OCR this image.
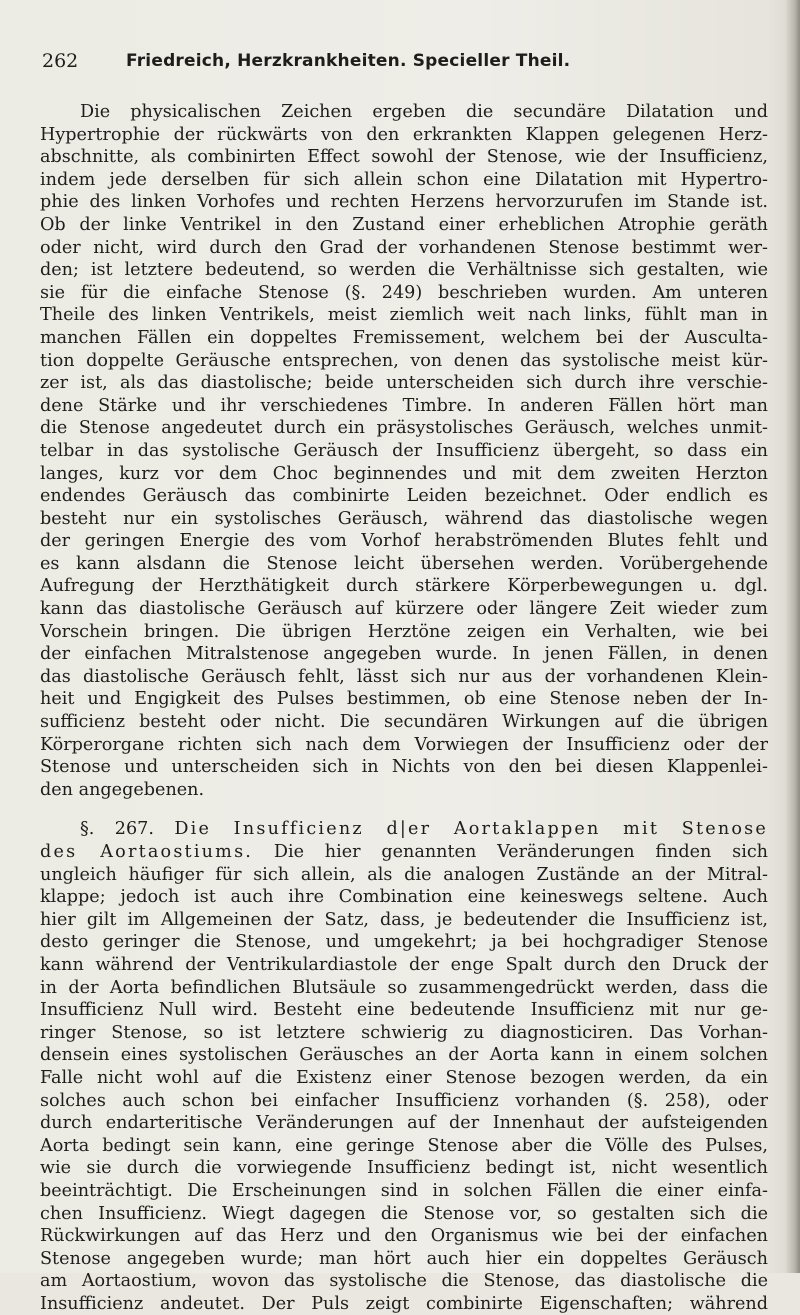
262	Friedreich, Herzkrankheiten. Specieller Theil.
Die physicalischen Zeichen ergeben die secundäre Dilatation und
Hypertrophie der rückwärts von den erkrankten Klappen gelegenen Herz-
abschnitte, als combinirten Effect sowohl der Stenose, wie der Insufficienz,
indem jede derselben für sich allein schon eine Dilatation mit Hypertro-
phie des linken Vorhofes und rechten Herzens hervorzurufen im Stande ist.
Ob der linke Ventrikel in den Zustand einer erheblichen Atrophie geräth
oder nicht, wird durch den Grad der vorhandenen Stenose bestimmt wer-
den; ist letztere bedeutend, so werden die Verhältnisse sich gestalten, wie
sie für die einfache Stenose (§. 249) beschrieben wurden. Am unteren
Theile des linken Ventrikels, meist ziemlich weit nach links, fühlt man in
manchen Fällen ein doppeltes Fremissement, welchem bei der Ausculta-
tion doppelte Geräusche entsprechen, von denen das systolische meist kür-
zer ist, als das diastolische; beide unterscheiden sich durch ihre verschie-
dene Stärke und ihr verschiedenes Timbre. In anderen Fällen hört man
die Stenose angedeutet durch ein präsystolisches Geräusch, welches unmit-
telbar in das systolische Geräusch der Insufficienz übergeht, so dass ein
langes, kurz vor dem Choc beginnendes und mit dem zweiten Herzton
endendes Geräusch das combinirte Leiden bezeichnet. Oder endlich es
besteht nur ein systolisches Geräusch, während das diastolische wegen
der geringen Energie des vom Vorhof herabströmenden Blutes fehlt und
es kann alsdann die Stenose leicht übersehen werden. Vorübergehende
Aufregung der Herzthätigkeit durch stärkere Körperbewegungen u. dgl.
kann das diastolische Geräusch auf kürzere oder längere Zeit wieder zum
Vorschein bringen. Die übrigen Herztöne zeigen ein Verhalten, wie bei
der einfachen Mitralstenose angegeben wurde. In jenen Fällen, in denen
das diastolische Geräusch fehlt, lässt sich nur aus der vorhandenen Klein-
heit und Engigkeit des Pulses bestimmen, ob eine Stenose neben der In-
sufficienz besteht oder nicht. Die secundären Wirkungen auf die übrigen
Körperorgane richten sich nach dem Vorwiegen der Insufficienz oder der
Stenose und unterscheiden sich in Nichts von den bei diesen Klappenlei-
den angegebenen.
§. 267. Die Insufficienz d|er Aortaklappen mit Stenose
des Aortaostiums. Die hier genannten Veränderungen finden sich
ungleich häufiger für sich allein, als die analogen Zustände an der Mitral-
klappe; jedoch ist auch ihre Combination eine keineswegs seltene. Auch
hier gilt im Allgemeinen der Satz, dass, je bedeutender die Insufficienz ist,
desto geringer die Stenose, und umgekehrt; ja bei hochgradiger Stenose
kann während der Ventrikulardiastole der enge Spalt durch den Druck der
in der Aorta befindlichen Blutsäule so zusammengedrückt werden, dass die
Insufficienz Null wird. Besteht eine bedeutende Insufficienz mit nur ge-
ringer Stenose, so ist letztere schwierig zu diagnosticiren. Das Vorhan-
densein eines systolischen Geräusches an der Aorta kann in einem solchen
Falle nicht wohl auf die Existenz einer Stenose bezogen werden, da ein
solches auch schon bei einfacher Insufficienz vorhanden (§. 258), oder
durch endarteritische Veränderungen auf der Innenhaut der aufsteigenden
Aorta bedingt sein kann, eine geringe Stenose aber die Völle des Pulses,
wie sie durch die vorwiegende Insufficienz bedingt ist, nicht wesentlich
beeinträchtigt. Die Erscheinungen sind in solchen Fällen die einer einfa-
chen Insufficienz. Wiegt dagegen die Stenose vor, so gestalten sich die
Rückwirkungen auf das Herz und den Organismus wie bei der einfachen
Stenose angegeben wurde; man hört auch hier ein doppeltes Geräusch
am Aortaostium, wovon das systolische die Stenose, das diastolische die
Insufficienz andeutet. Der Puls zeigt combinirte Eigenschaften; während
